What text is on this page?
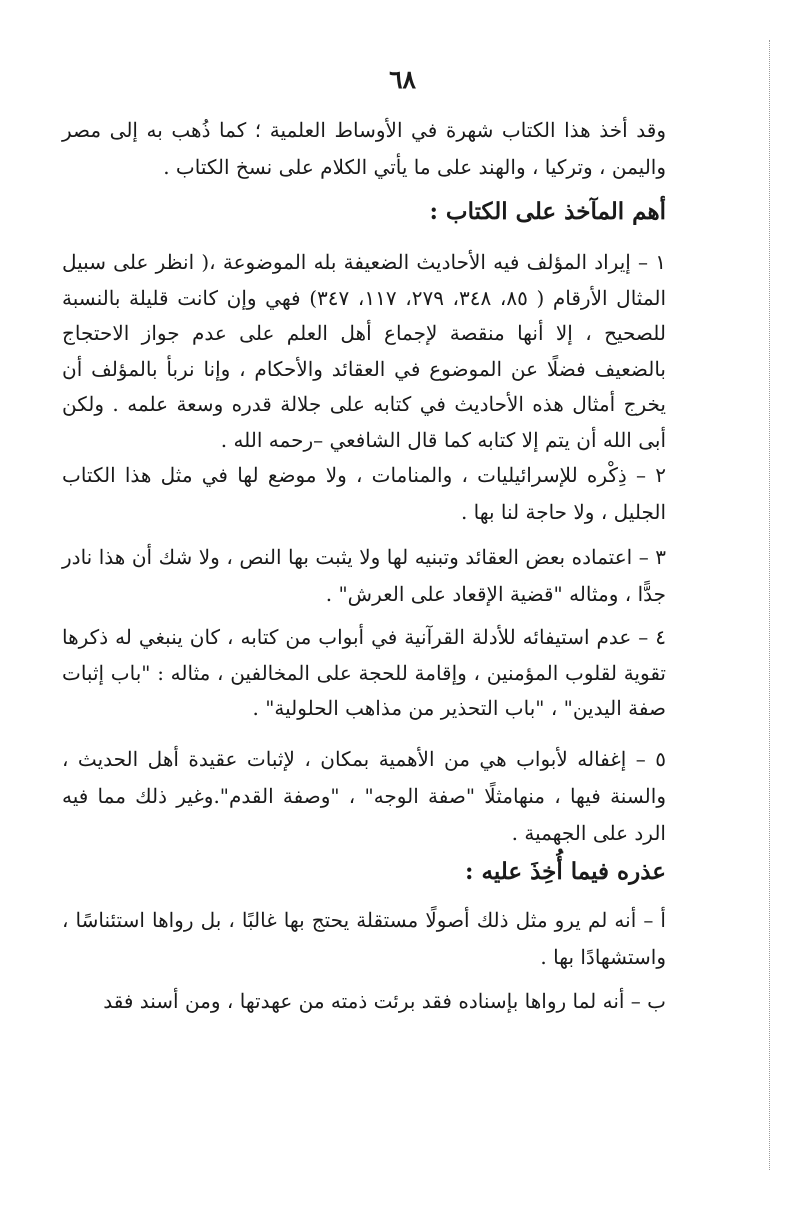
٦٨

وقد أخذ هذا الكتاب شهرة في الأوساط العلمية ؛ كما ذُهب به إلى مصر واليمن ، وتركيا ، والهند على ما يأتي الكلام على نسخ الكتاب .

أهم المآخذ على الكتاب :

١ – إيراد المؤلف فيه الأحاديث الضعيفة بله الموضوعة ،( انظر على سبيل المثال الأرقام ( ٨٥، ٣٤٨، ٢٧٩، ١١٧، ٣٤٧) فهي وإن كانت قليلة بالنسبة للصحيح ، إلا أنها منقصة لإجماع أهل العلم على عدم جواز الاحتجاج بالضعيف فضلًا عن الموضوع في العقائد والأحكام ، وإنا نربأ بالمؤلف أن يخرج أمثال هذه الأحاديث في كتابه على جلالة قدره وسعة علمه . ولكن أبى الله أن يتم إلا كتابه كما قال الشافعي –رحمه الله .

٢ – ذِكْره للإسرائيليات ، والمنامات ، ولا موضع لها في مثل هذا الكتاب الجليل ، ولا حاجة لنا بها .

٣ – اعتماده بعض العقائد وتبنيه لها ولا يثبت بها النص ، ولا شك أن هذا نادر جدًّا ، ومثاله "قضية الإقعاد على العرش" .

٤ – عدم استيفائه للأدلة القرآنية في أبواب من كتابه ، كان ينبغي له ذكرها تقوية لقلوب المؤمنين ، وإقامة للحجة على المخالفين ، مثاله : "باب إثبات صفة اليدين" ، "باب التحذير من مذاهب الحلولية" .

٥ – إغفاله لأبواب هي من الأهمية بمكان ، لإثبات عقيدة أهل الحديث ، والسنة فيها ، منهامثلًا "صفة الوجه" ، "وصفة القدم".وغير ذلك مما فيه الرد على الجهمية .

عذره فيما أُخِذَ عليه :

أ – أنه لم يرو مثل ذلك أصولًا مستقلة يحتج بها غالبًا ، بل رواها استئناسًا ، واستشهادًا بها .

ب – أنه لما رواها بإسناده فقد برئت ذمته من عهدتها ، ومن أسند فقد
